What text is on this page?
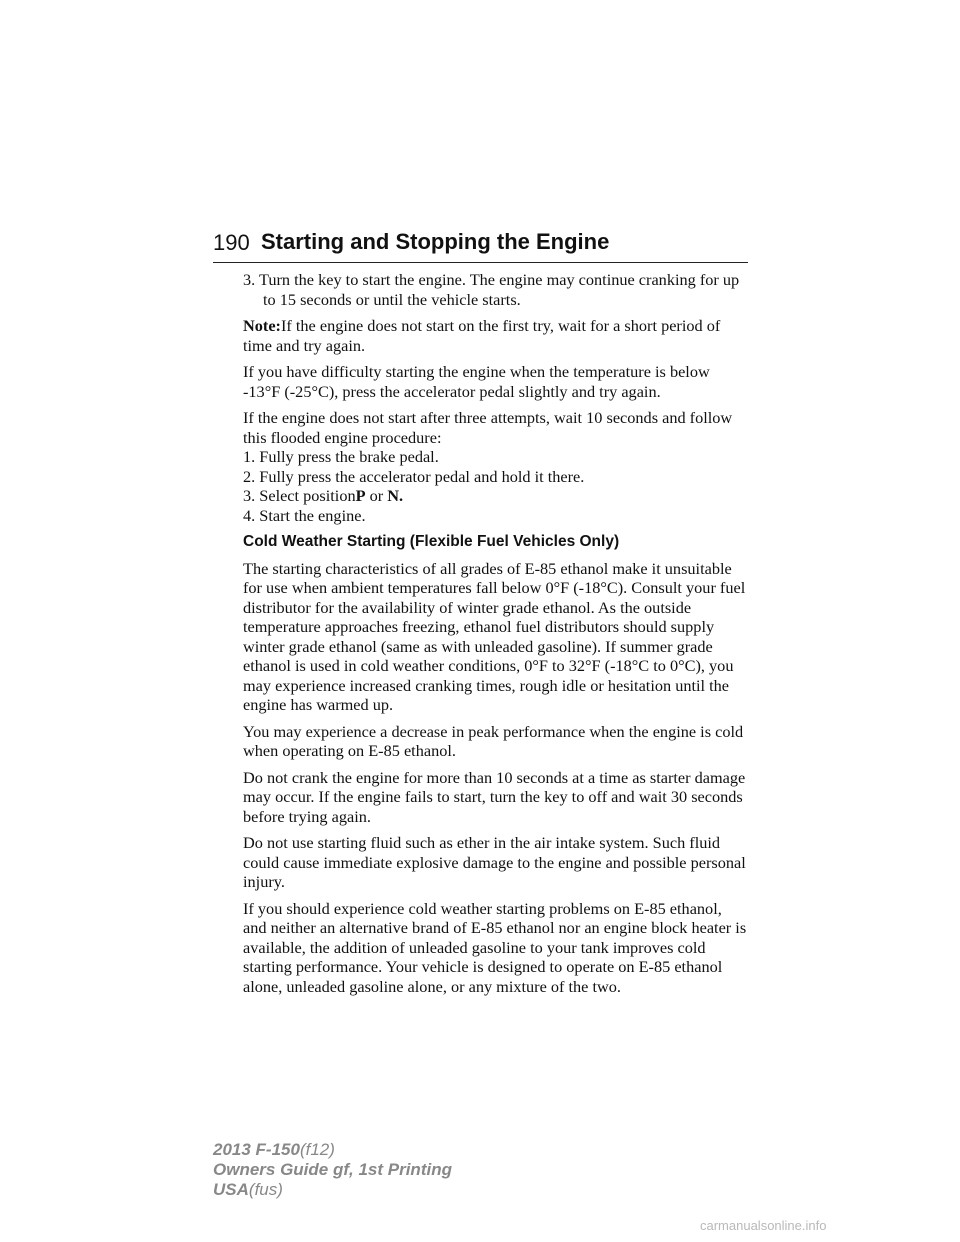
190 Starting and Stopping the Engine

3. Turn the key to start the engine. The engine may continue cranking for up to 15 seconds or until the vehicle starts.

Note:If the engine does not start on the first try, wait for a short period of time and try again.

If you have difficulty starting the engine when the temperature is below -13°F (-25°C), press the accelerator pedal slightly and try again.

If the engine does not start after three attempts, wait 10 seconds and follow this flooded engine procedure:
1. Fully press the brake pedal.
2. Fully press the accelerator pedal and hold it there.
3. Select positionP or N.
4. Start the engine.
Cold Weather Starting (Flexible Fuel Vehicles Only)

The starting characteristics of all grades of E-85 ethanol make it unsuitable for use when ambient temperatures fall below 0°F (-18°C). Consult your fuel distributor for the availability of winter grade ethanol. As the outside temperature approaches freezing, ethanol fuel distributors should supply winter grade ethanol (same as with unleaded gasoline). If summer grade ethanol is used in cold weather conditions, 0°F to 32°F (-18°C to 0°C), you may experience increased cranking times, rough idle or hesitation until the engine has warmed up.

You may experience a decrease in peak performance when the engine is cold when operating on E-85 ethanol.

Do not crank the engine for more than 10 seconds at a time as starter damage may occur. If the engine fails to start, turn the key to off and wait 30 seconds before trying again.

Do not use starting fluid such as ether in the air intake system. Such fluid could cause immediate explosive damage to the engine and possible personal injury.

If you should experience cold weather starting problems on E-85 ethanol, and neither an alternative brand of E-85 ethanol nor an engine block heater is available, the addition of unleaded gasoline to your tank improves cold starting performance. Your vehicle is designed to operate on E-85 ethanol alone, unleaded gasoline alone, or any mixture of the two.

2013 F-150(f12)
Owners Guide gf, 1st Printing
USA(fus)
carmanualsonline.info
